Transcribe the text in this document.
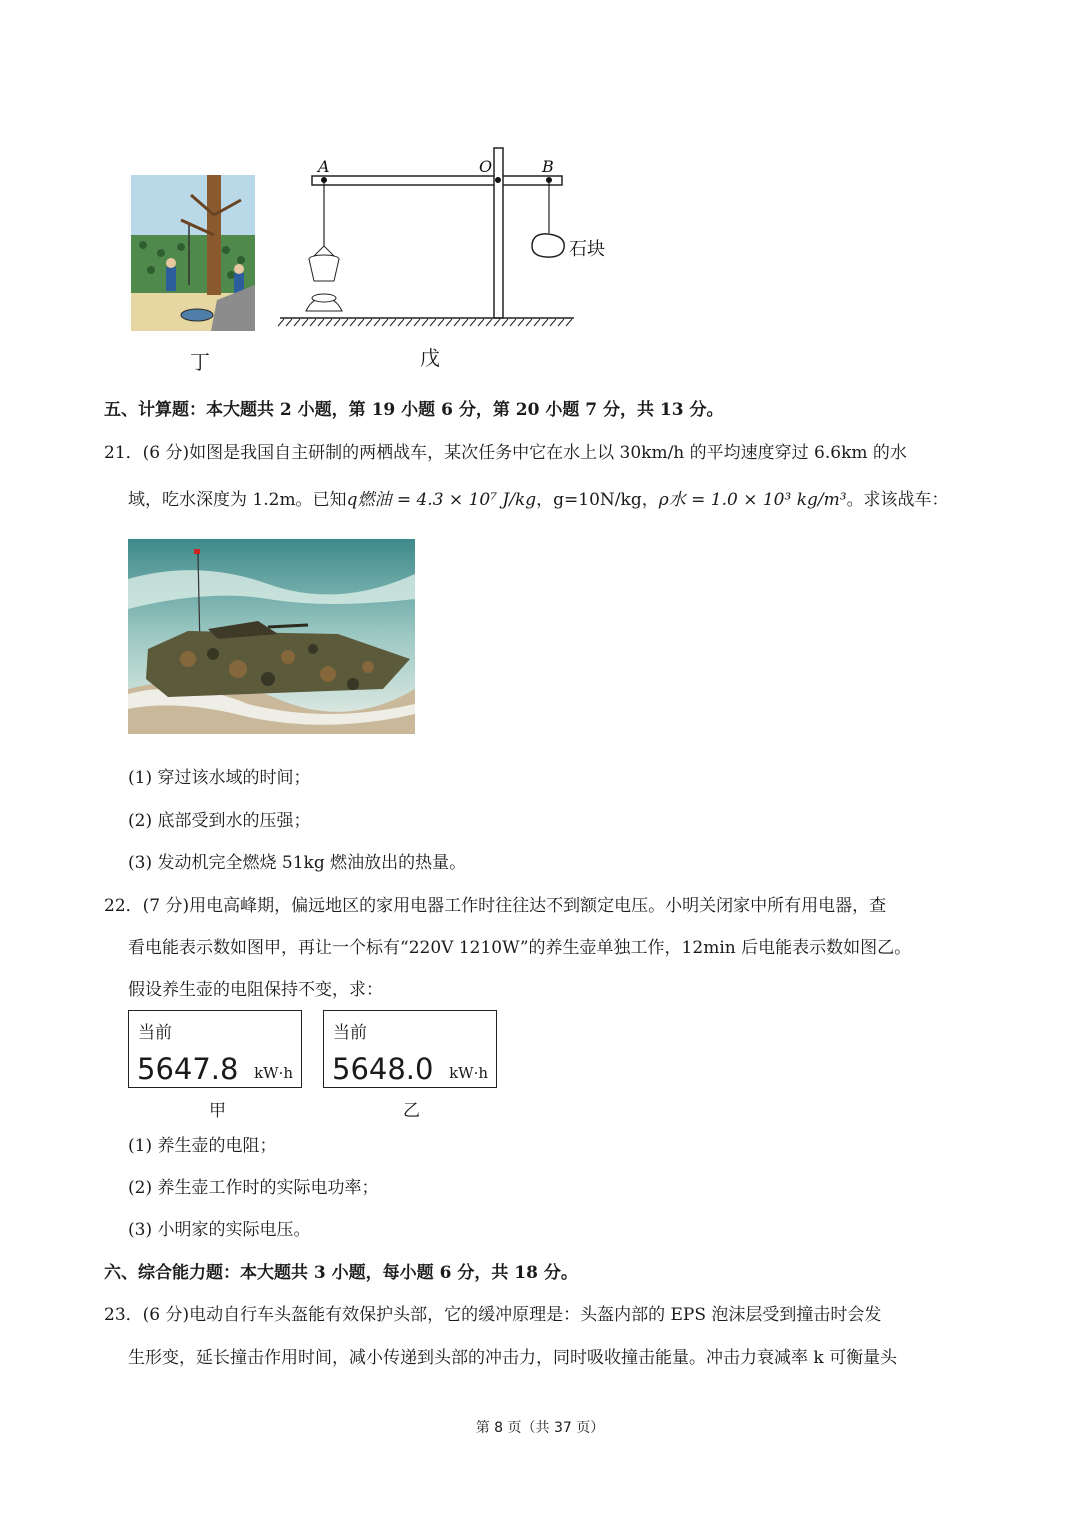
丁
A	O	B
石块
戊
五、计算题：本大题共 2 小题，第 19 小题 6 分，第 20 小题 7 分，共 13 分。
21．(6 分)如图是我国自主研制的两栖战车，某次任务中它在水上以 30km/h 的平均速度穿过 6.6km 的水
域，吃水深度为 1.2m。已知q燃油 = 4.3 × 10⁷ J/kg，g=10N/kg，ρ水 = 1.0 × 10³ kg/m³。求该战车：
(1) 穿过该水域的时间；
(2) 底部受到水的压强；
(3) 发动机完全燃烧 51kg 燃油放出的热量。
22．(7 分)用电高峰期，偏远地区的家用电器工作时往往达不到额定电压。小明关闭家中所有用电器，查
看电能表示数如图甲，再让一个标有“220V 1210W”的养生壶单独工作，12min 后电能表示数如图乙。
假设养生壶的电阻保持不变，求：
当前
5647.8 kW·h
甲
当前
5648.0 kW·h
乙
(1) 养生壶的电阻；
(2) 养生壶工作时的实际电功率；
(3) 小明家的实际电压。
六、综合能力题：本大题共 3 小题，每小题 6 分，共 18 分。
23．(6 分)电动自行车头盔能有效保护头部，它的缓冲原理是：头盔内部的 EPS 泡沫层受到撞击时会发
生形变，延长撞击作用时间，减小传递到头部的冲击力，同时吸收撞击能量。冲击力衰减率 k 可衡量头
第 8 页（共 37 页）
